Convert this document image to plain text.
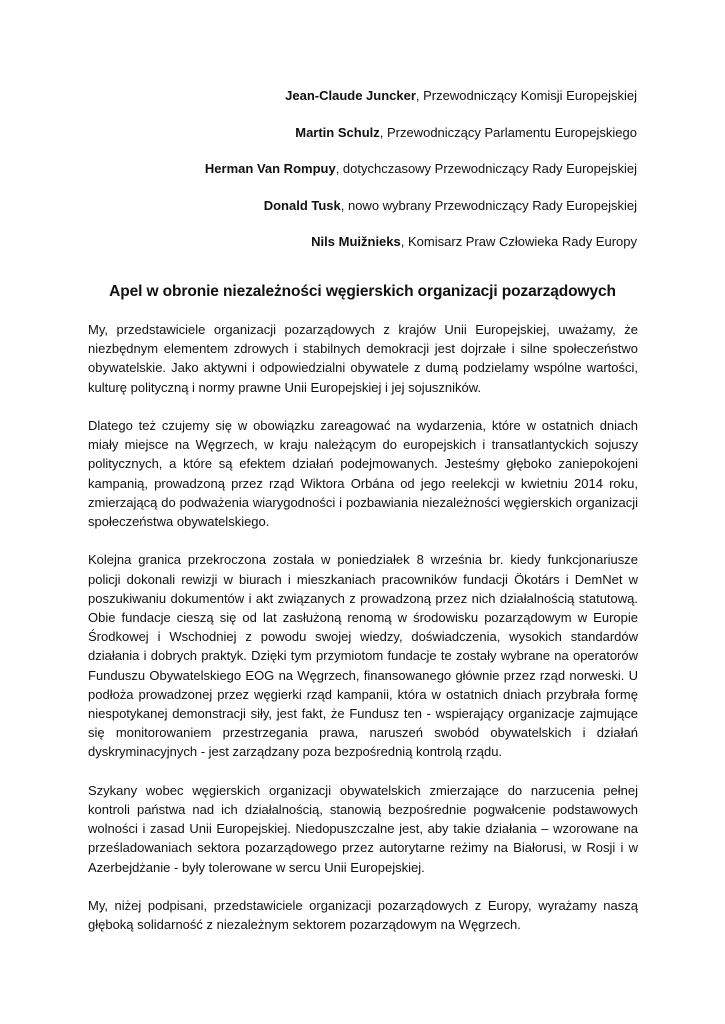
Jean-Claude Juncker, Przewodniczący Komisji Europejskiej
Martin Schulz, Przewodniczący Parlamentu Europejskiego
Herman Van Rompuy, dotychczasowy Przewodniczący Rady Europejskiej
Donald Tusk, nowo wybrany Przewodniczący Rady Europejskiej
Nils Muižnieks, Komisarz Praw Człowieka Rady Europy
Apel w obronie niezależności węgierskich organizacji pozarządowych

My, przedstawiciele organizacji pozarządowych z krajów Unii Europejskiej, uważamy, że niezbędnym elementem zdrowych i stabilnych demokracji jest dojrzałe i silne społeczeństwo obywatelskie. Jako aktywni i odpowiedzialni obywatele z dumą podzielamy wspólne wartości, kulturę polityczną i normy prawne Unii Europejskiej i jej sojuszników.

Dlatego też czujemy się w obowiązku zareagować na wydarzenia, które w ostatnich dniach miały miejsce na Węgrzech, w kraju należącym do europejskich i transatlantyckich sojuszy politycznych, a które są efektem działań podejmowanych. Jesteśmy głęboko zaniepokojeni kampanią, prowadzoną przez rząd Wiktora Orbána od jego reelekcji w kwietniu 2014 roku, zmierzającą do podważenia wiarygodności i pozbawiania niezależności węgierskich organizacji społeczeństwa obywatelskiego.

Kolejna granica przekroczona została w poniedziałek 8 września br. kiedy funkcjonariusze policji dokonali rewizji w biurach i mieszkaniach pracowników fundacji Ökotárs i DemNet w poszukiwaniu dokumentów i akt związanych z prowadzoną przez nich działalnością statutową. Obie fundacje cieszą się od lat zasłużoną renomą w środowisku pozarządowym w Europie Środkowej i Wschodniej z powodu swojej wiedzy, doświadczenia, wysokich standardów działania i dobrych praktyk. Dzięki tym przymiotom fundacje te zostały wybrane na operatorów Funduszu Obywatelskiego EOG na Węgrzech, finansowanego głównie przez rząd norweski. U podłoża prowadzonej przez węgierki rząd kampanii, która w ostatnich dniach przybrała formę niespotykanej demonstracji siły, jest fakt, że Fundusz ten - wspierający organizacje zajmujące się monitorowaniem przestrzegania prawa, naruszeń swobód obywatelskich i działań dyskryminacyjnych - jest zarządzany poza bezpośrednią kontrolą rządu.

Szykany wobec węgierskich organizacji obywatelskich zmierzające do narzucenia pełnej kontroli państwa nad ich działalnością, stanowią bezpośrednie pogwałcenie podstawowych wolności i zasad Unii Europejskiej. Niedopuszczalne jest, aby takie działania – wzorowane na prześladowaniach sektora pozarządowego przez autorytarne reżimy na Białorusi, w Rosji i w Azerbejdżanie - były tolerowane w sercu Unii Europejskiej.

My, niżej podpisani, przedstawiciele organizacji pozarządowych z Europy, wyrażamy naszą głęboką solidarność z niezależnym sektorem pozarządowym na Węgrzech.
